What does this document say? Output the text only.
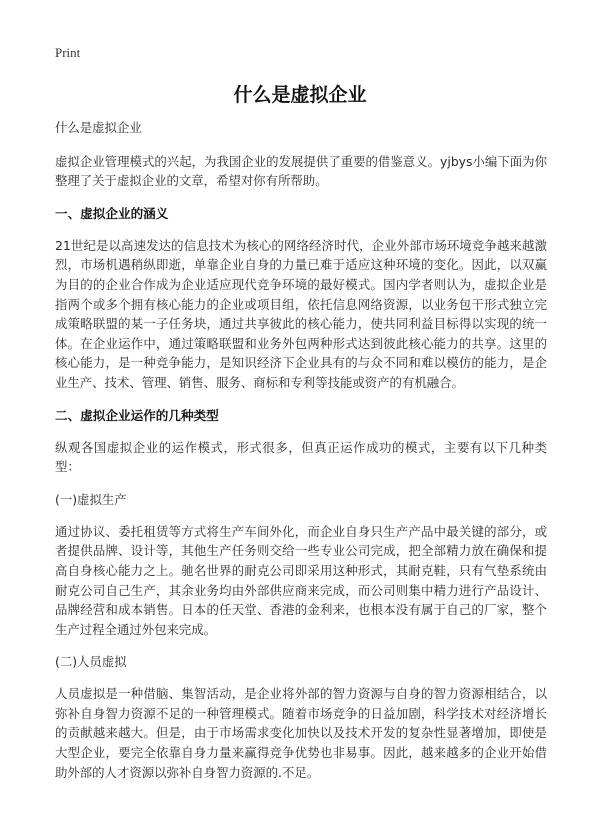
Print
什么是虚拟企业

什么是虚拟企业

虚拟企业管理模式的兴起，为我国企业的发展提供了重要的借鉴意义。yjbys小编下面为你整理了关于虚拟企业的文章，希望对你有所帮助。

一、虚拟企业的涵义

21世纪是以高速发达的信息技术为核心的网络经济时代，企业外部市场环境竞争越来越激烈，市场机遇稍纵即逝，单靠企业自身的力量已难于适应这种环境的变化。因此，以双赢为目的的企业合作成为企业适应现代竞争环境的最好模式。国内学者则认为，虚拟企业是指两个或多个拥有核心能力的企业或项目组，依托信息网络资源，以业务包干形式独立完成策略联盟的某一子任务块，通过共享彼此的核心能力，使共同利益目标得以实现的统一体。在企业运作中，通过策略联盟和业务外包两种形式达到彼此核心能力的共享。这里的核心能力，是一种竞争能力，是知识经济下企业具有的与众不同和难以模仿的能力，是企业生产、技术、管理、销售、服务、商标和专利等技能或资产的有机融合。

二、虚拟企业运作的几种类型

纵观各国虚拟企业的运作模式，形式很多，但真正运作成功的模式，主要有以下几种类型：

(一)虚拟生产

通过协议、委托租赁等方式将生产车间外化，而企业自身只生产产品中最关键的部分，或者提供品牌、设计等，其他生产任务则交给一些专业公司完成，把全部精力放在确保和提高自身核心能力之上。驰名世界的耐克公司即采用这种形式，其耐克鞋，只有气垫系统由耐克公司自己生产，其余业务均由外部供应商来完成，而公司则集中精力进行产品设计、品牌经营和成本销售。日本的任天堂、香港的金利来，也根本没有属于自己的厂家，整个生产过程全通过外包来完成。

(二)人员虚拟

人员虚拟是一种借脑、集智活动，是企业将外部的智力资源与自身的智力资源相结合，以弥补自身智力资源不足的一种管理模式。随着市场竞争的日益加剧，科学技术对经济增长的贡献越来越大。但是，由于市场需求变化加快以及技术开发的复杂性显著增加，即使是大型企业，要完全依靠自身力量来赢得竞争优势也非易事。因此，越来越多的企业开始借助外部的人才资源以弥补自身智力资源的.不足。
